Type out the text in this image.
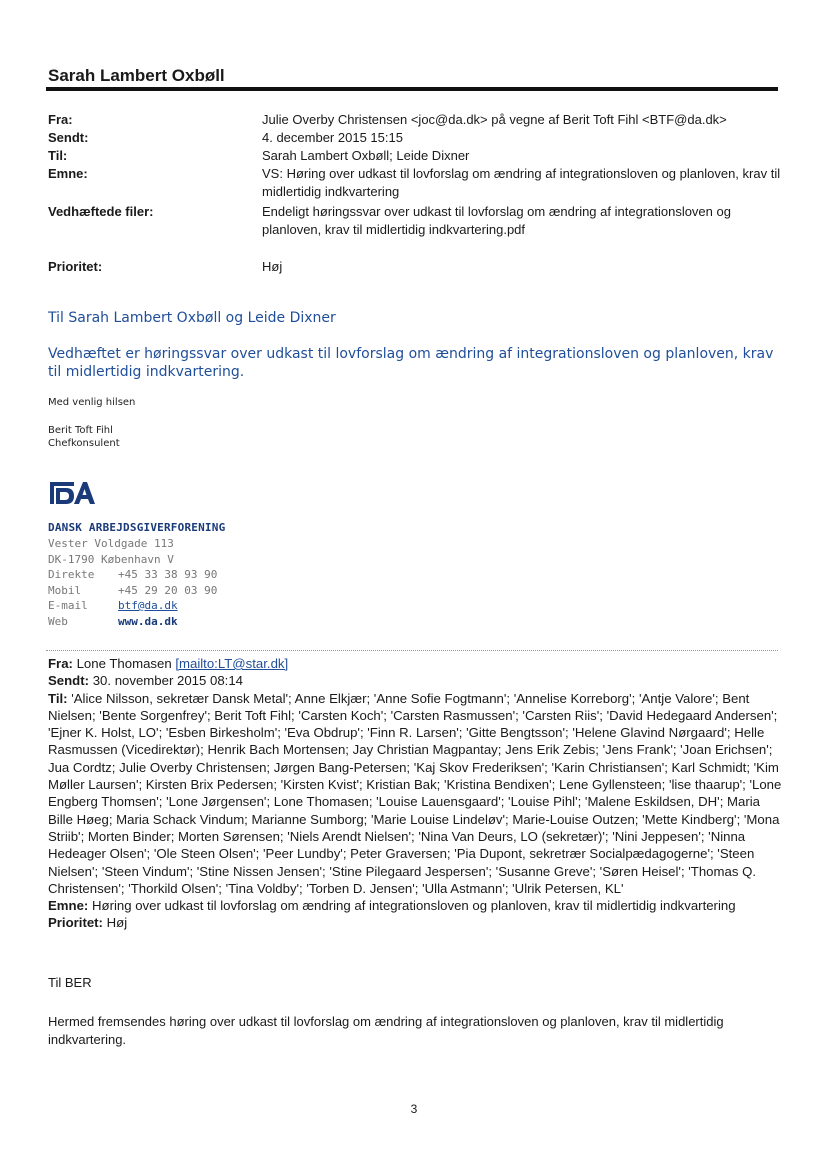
Sarah Lambert Oxbøll
Fra:	Julie Overby Christensen <joc@da.dk> på vegne af Berit Toft Fihl <BTF@da.dk>
Sendt:	4. december 2015 15:15
Til:	Sarah Lambert Oxbøll; Leide Dixner
Emne:	VS: Høring over udkast til lovforslag om ændring af integrationsloven og planloven, krav til midlertidig indkvartering
Vedhæftede filer:	Endeligt høringssvar over udkast til lovforslag om ændring af integrationsloven og planloven, krav til midlertidig indkvartering.pdf
Prioritet:	Høj
Til Sarah Lambert Oxbøll og Leide Dixner
Vedhæftet er høringssvar over udkast til lovforslag om ændring af integrationsloven og planloven, krav til midlertidig indkvartering.
Med venlig hilsen
Berit Toft Fihl
Chefkonsulent
DANSK ARBEJDSGIVERFORENING
Vester Voldgade 113
DK-1790 København V
Direkte +45 33 38 93 90
Mobil	+45 29 20 03 90
E-mail	btf@da.dk
Web	www.da.dk
Fra: Lone Thomasen [mailto:LT@star.dk]
Sendt: 30. november 2015 08:14
Til: 'Alice Nilsson, sekretær Dansk Metal'; Anne Elkjær; 'Anne Sofie Fogtmann'; 'Annelise Korreborg'; 'Antje Valore'; Bent Nielsen; 'Bente Sorgenfrey'; Berit Toft Fihl; 'Carsten Koch'; 'Carsten Rasmussen'; 'Carsten Riis'; 'David Hedegaard Andersen'; 'Ejner K. Holst, LO'; 'Esben Birkesholm'; 'Eva Obdrup'; 'Finn R. Larsen'; 'Gitte Bengtsson'; 'Helene Glavind Nørgaard'; Helle Rasmussen (Vicedirektør); Henrik Bach Mortensen; Jay Christian Magpantay; Jens Erik Zebis; 'Jens Frank'; 'Joan Erichsen'; Jua Cordtz; Julie Overby Christensen; Jørgen Bang-Petersen; 'Kaj Skov Frederiksen'; 'Karin Christiansen'; Karl Schmidt; 'Kim Møller Laursen'; Kirsten Brix Pedersen; 'Kirsten Kvist'; Kristian Bak; 'Kristina Bendixen'; Lene Gyllensteen; 'lise thaarup'; 'Lone Engberg Thomsen'; 'Lone Jørgensen'; Lone Thomasen; 'Louise Lauensgaard'; 'Louise Pihl'; 'Malene Eskildsen, DH'; Maria Bille Høeg; Maria Schack Vindum; Marianne Sumborg; 'Marie Louise Lindeløv'; Marie-Louise Outzen; 'Mette Kindberg'; 'Mona Striib'; Morten Binder; Morten Sørensen; 'Niels Arendt Nielsen'; 'Nina Van Deurs, LO (sekretær)'; 'Nini Jeppesen'; 'Ninna Hedeager Olsen'; 'Ole Steen Olsen'; 'Peer Lundby'; Peter Graversen; 'Pia Dupont, sekretrær Socialpædagogerne'; 'Steen Nielsen'; 'Steen Vindum'; 'Stine Nissen Jensen'; 'Stine Pilegaard Jespersen'; 'Susanne Greve'; 'Søren Heisel'; 'Thomas Q. Christensen'; 'Thorkild Olsen'; 'Tina Voldby'; 'Torben D. Jensen'; 'Ulla Astmann'; 'Ulrik Petersen, KL'
Emne: Høring over udkast til lovforslag om ændring af integrationsloven og planloven, krav til midlertidig indkvartering
Prioritet: Høj
Til BER
Hermed fremsendes høring over udkast til lovforslag om ændring af integrationsloven og planloven, krav til midlertidig indkvartering.
3
